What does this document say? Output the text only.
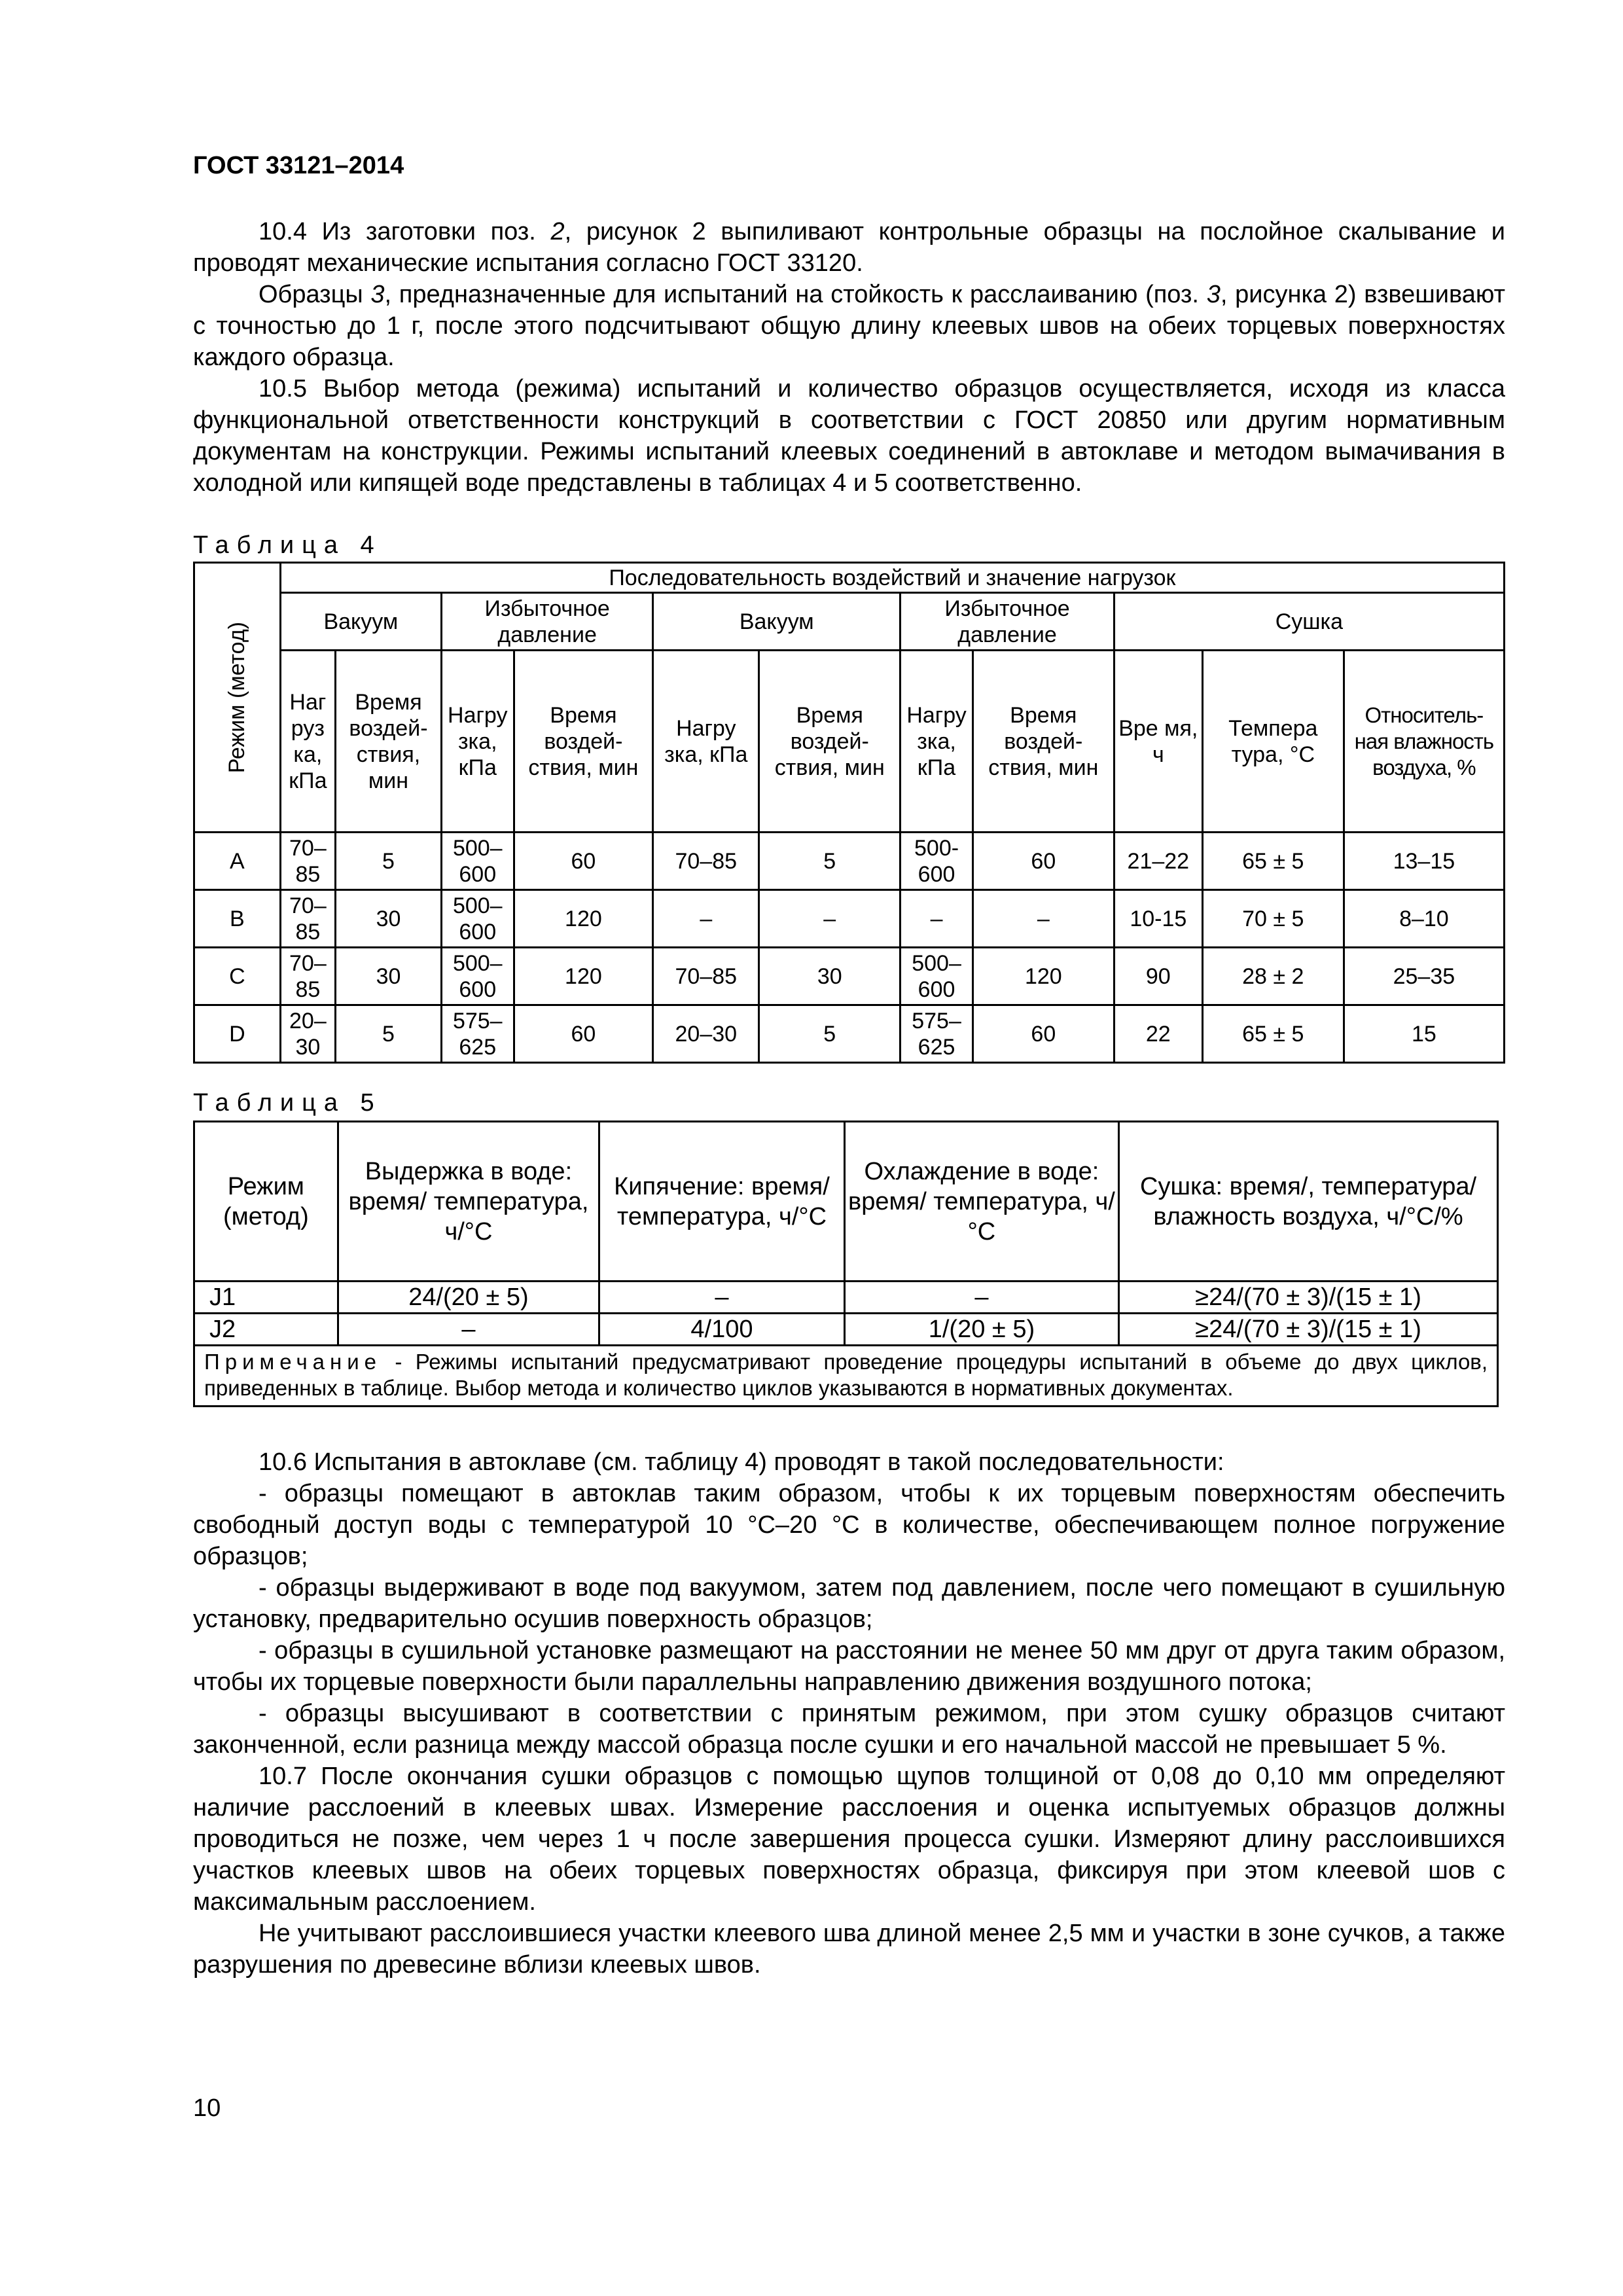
ГОСТ 33121–2014

10.4 Из заготовки поз. 2, рисунок 2 выпиливают контрольные образцы на послойное скалывание и проводят механические испытания согласно ГОСТ 33120.

Образцы 3, предназначенные для испытаний на стойкость к расслаиванию (поз. 3, рисунка 2) взвешивают с точностью до 1 г, после этого подсчитывают общую длину клеевых швов на обеих торцевых поверхностях каждого образца.

10.5 Выбор метода (режима) испытаний и количество образцов осуществляется, исходя из класса функциональной ответственности конструкций в соответствии с ГОСТ 20850 или другим нормативным документам на конструкции. Режимы испытаний клеевых соединений в автоклаве и методом вымачивания в холодной или кипящей воде представлены в таблицах 4 и 5 соответственно.

Таблица 4
Режим (метод)	Последовательность воздействий и значение нагрузок										
	Вакуум		Избыточное давление		Вакуум		Избыточное давление		Сушка		
	Наг руз ка, кПа	Время воздей- ствия, мин	Нагру зка, кПа	Время воздей- ствия, мин	Нагру зка, кПа	Время воздей- ствия, мин	Нагру зка, кПа	Время воздей- ствия, мин	Вре мя, ч	Темпера тура, °С	Относитель- ная влажность воздуха, %
A	70–85	5	500–600	60	70–85	5	500-600	60	21–22	65 ± 5	13–15
B	70–85	30	500–600	120	–	–	–	–	10-15	70 ± 5	8–10
C	70–85	30	500–600	120	70–85	30	500–600	120	90	28 ± 2	25–35
D	20–30	5	575–625	60	20–30	5	575–625	60	22	65 ± 5	15
Таблица 5
Режим (метод)	Выдержка в воде: время/ температура, ч/°С	Кипячение: время/ температура, ч/°С	Охлаждение в воде: время/ температура, ч/°С	Сушка: время/, температура/влажность воздуха, ч/°С/%
J1	24/(20 ± 5)	–	–	≥24/(70 ± 3)/(15 ± 1)
J2	–	4/100	1/(20 ± 5)	≥24/(70 ± 3)/(15 ± 1)
Примечание - Режимы испытаний предусматривают проведение процедуры испытаний в объеме до двух циклов, приведенных в таблице. Выбор метода и количество циклов указываются в нормативных документах.				

10.6 Испытания в автоклаве (см. таблицу 4) проводят в такой последовательности:

- образцы помещают в автоклав таким образом, чтобы к их торцевым поверхностям обеспечить свободный доступ воды с температурой 10 °С–20 °С в количестве, обеспечивающем полное погружение образцов;

- образцы выдерживают в воде под вакуумом, затем под давлением, после чего помещают в сушильную установку, предварительно осушив поверхность образцов;

- образцы в сушильной установке размещают на расстоянии не менее 50 мм друг от друга таким образом, чтобы их торцевые поверхности были параллельны направлению движения воздушного потока;

- образцы высушивают в соответствии с принятым режимом, при этом сушку образцов считают законченной, если разница между массой образца после сушки и его начальной массой не превышает 5 %.

10.7 После окончания сушки образцов с помощью щупов толщиной от 0,08 до 0,10 мм определяют наличие расслоений в клеевых швах. Измерение расслоения и оценка испытуемых образцов должны проводиться не позже, чем через 1 ч после завершения процесса сушки. Измеряют длину расслоившихся участков клеевых швов на обеих торцевых поверхностях образца, фиксируя при этом клеевой шов с максимальным расслоением.

Не учитывают расслоившиеся участки клеевого шва длиной менее 2,5 мм и участки в зоне сучков, а также разрушения по древесине вблизи клеевых швов.

10
